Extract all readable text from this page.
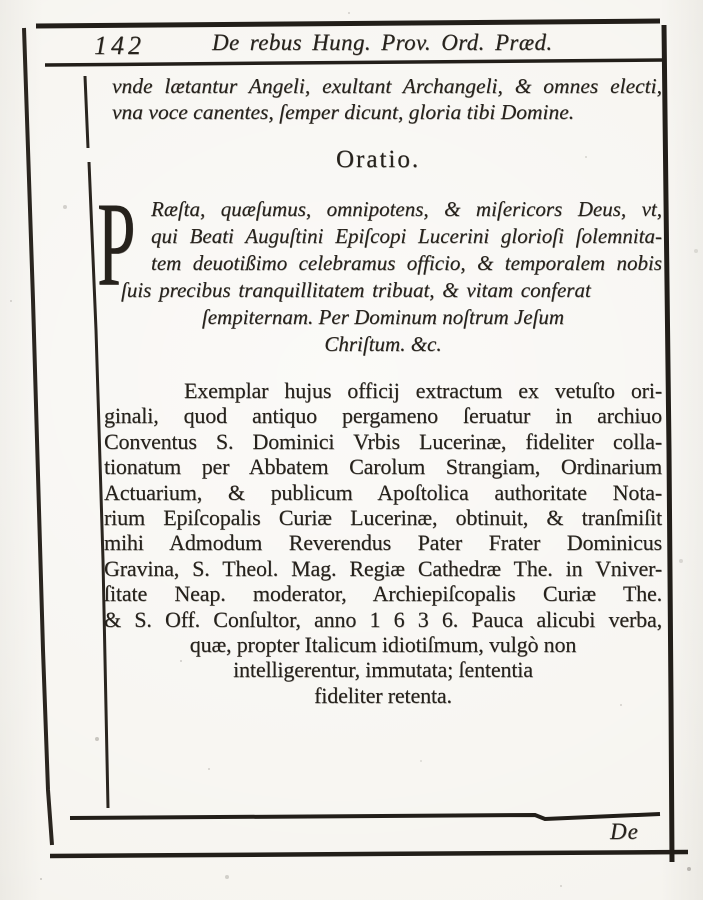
142	De rebus Hung. Prov. Ord. Præd.
vnde lætantur Angeli, exultant Archangeli, & omnes electi,
vna voce canentes, ſemper dicunt, gloria tibi Domine.
Oratio.
P Ræſta, quæſumus, omnipotens, & miſericors Deus, vt,
qui Beati Auguſtini Epiſcopi Lucerini glorioſi ſolemnita-
tem deuotißimo celebramus officio, & temporalem nobis
ſuis precibus tranquillitatem tribuat, & vitam conferat
ſempiternam. Per Dominum noſtrum Jeſum
Chriſtum. &c.
Exemplar hujus officij extractum ex vetuſto ori-
ginali, quod antiquo pergameno ſeruatur in archiuo
Conventus S. Dominici Vrbis Lucerinæ, fideliter colla-
tionatum per Abbatem Carolum Strangiam, Ordinarium
Actuarium, & publicum Apoſtolica authoritate Nota-
rium Epiſcopalis Curiæ Lucerinæ, obtinuit, & tranſmiſit
mihi Admodum Reverendus Pater Frater Dominicus
Gravina, S. Theol. Mag. Regiæ Cathedræ The. in Vniver-
ſitate Neap. moderator, Archiepiſcopalis Curiæ The.
& S. Off. Conſultor, anno 1 6 3 6. Pauca alicubi verba,
quæ, propter Italicum idiotiſmum, vulgò non
intelligerentur, immutata; ſententia
fideliter retenta.
De
